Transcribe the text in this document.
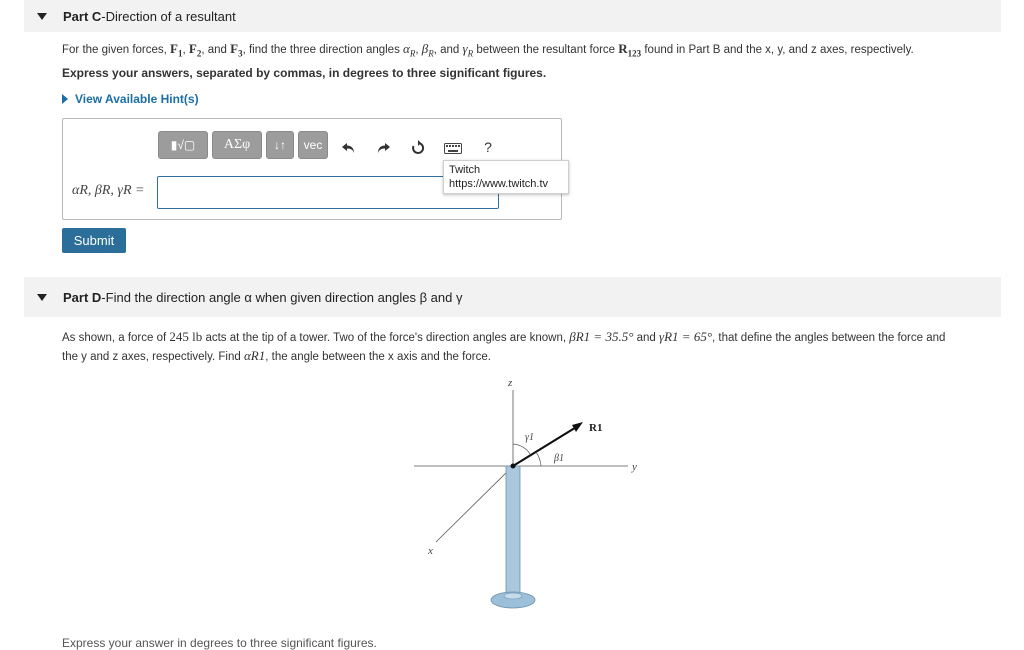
Part C - Direction of a resultant
For the given forces, $F_1$, $F_2$, and $F_3$, find the three direction angles $\alpha_R$, $\beta_R$, and $\gamma_R$ between the resultant force $R_{123}$ found in Part B and the x, y, and z axes, respectively.
Express your answers, separated by commas, in degrees to three significant figures.
View Available Hint(s)
▮√▢	ΑΣφ	↓↑	vec	?
αR, βR, γR =
Twitch
https://www.twitch.tv
Submit
Part D - Find the direction angle α when given direction angles β and γ
As shown, a force of 245 lb acts at the tip of a tower. Two of the force's direction angles are known, βR1 = 35.5° and γR1 = 65°, that define the angles between the force and
the y and z axes, respectively. Find αR1, the angle between the x axis and the force.
z
y
x
γ1
β1
R1
Express your answer in degrees to three significant figures.
